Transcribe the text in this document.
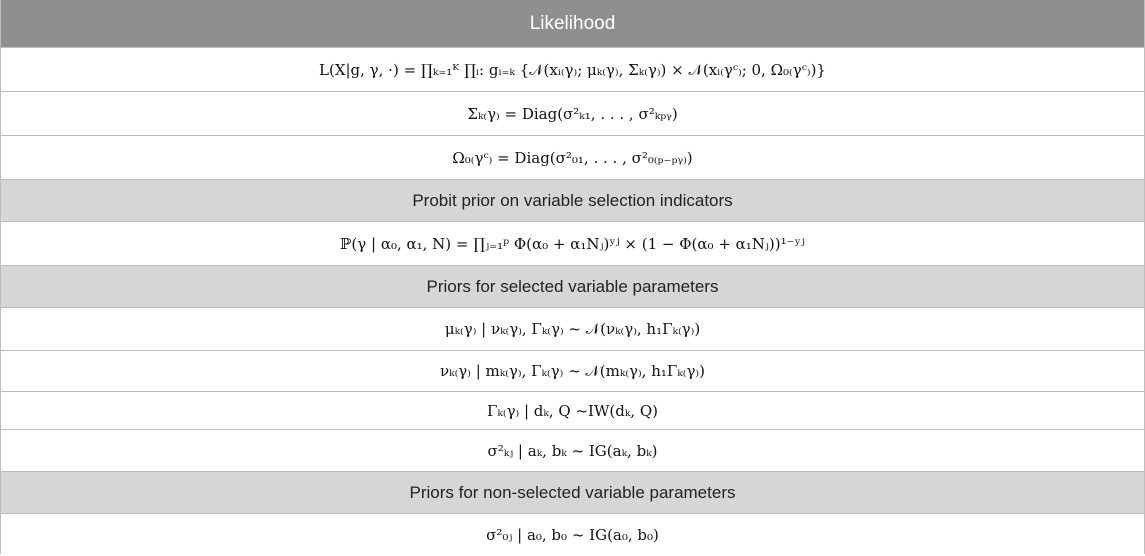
Likelihood
L(X|g, γ, ·) = ∏ₖ₌₁ᴷ ∏ᵢ: gᵢ₌ₖ {𝒩(xᵢ₍γ₎; μₖ₍γ₎, Σₖ₍γ₎) × 𝒩(xᵢ₍γᶜ₎; 0, Ω₀₍γᶜ₎)}
Σₖ₍γ₎ = Diag(σ²ₖ₁, . . . , σ²ₖₚᵧ)
Ω₀₍γᶜ₎ = Diag(σ²₀₁, . . . , σ²₀₍ₚ₋ₚᵧ₎)
Probit prior on variable selection indicators
ℙ(γ | α₀, α₁, N) = ∏ⱼ₌₁ᵖ Φ(α₀ + α₁Nⱼ)ʸʲ × (1 − Φ(α₀ + α₁Nⱼ))¹⁻ʸʲ
Priors for selected variable parameters
μₖ₍γ₎ | νₖ₍γ₎, Γₖ₍γ₎ ~ 𝒩(νₖ₍γ₎, h₁Γₖ₍γ₎)
νₖ₍γ₎ | mₖ₍γ₎, Γₖ₍γ₎ ~ 𝒩(mₖ₍γ₎, h₁Γₖ₍γ₎)
Γₖ₍γ₎ | dₖ, Q ~IW(dₖ, Q)
σ²ₖⱼ | aₖ, bₖ ~ IG(aₖ, bₖ)
Priors for non-selected variable parameters
σ²₀ⱼ | a₀, b₀ ~ IG(a₀, b₀)
